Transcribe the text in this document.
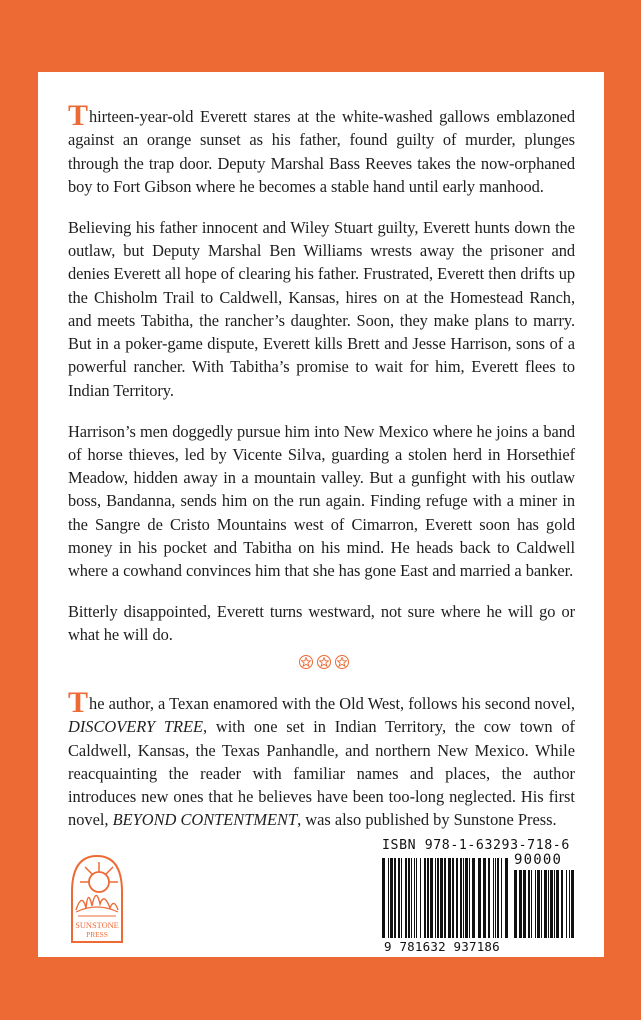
Thirteen-year-old Everett stares at the white-washed gallows emblazoned against an orange sunset as his father, found guilty of murder, plunges through the trap door. Deputy Marshal Bass Reeves takes the now-orphaned boy to Fort Gibson where he becomes a stable hand until early manhood.

Believing his father innocent and Wiley Stuart guilty, Everett hunts down the outlaw, but Deputy Marshal Ben Williams wrests away the prisoner and denies Everett all hope of clearing his father. Frustrated, Everett then drifts up the Chisholm Trail to Caldwell, Kansas, hires on at the Homestead Ranch, and meets Tabitha, the rancher’s daughter. Soon, they make plans to marry. But in a poker-game dispute, Everett kills Brett and Jesse Harrison, sons of a powerful rancher. With Tabitha’s promise to wait for him, Everett flees to Indian Territory.

Harrison’s men doggedly pursue him into New Mexico where he joins a band of horse thieves, led by Vicente Silva, guarding a stolen herd in Horsethief Meadow, hidden away in a mountain valley. But a gunfight with his outlaw boss, Bandanna, sends him on the run again. Finding refuge with a miner in the Sangre de Cristo Mountains west of Cimarron, Everett soon has gold money in his pocket and Tabitha on his mind. He heads back to Caldwell where a cowhand convinces him that she has gone East and married a banker.

Bitterly disappointed, Everett turns westward, not sure where he will go or what he will do.

The author, a Texan enamored with the Old West, follows his second novel, DISCOVERY TREE, with one set in Indian Territory, the cow town of Caldwell, Kansas, the Texas Panhandle, and northern New Mexico. While reacquainting the reader with familiar names and places, the author introduces new ones that he believes have been too-long neglected. His first novel, BEYOND CONTENTMENT, was also published by Sunstone Press.
SUNSTONE
PRESS
ISBN 978-1-63293-718-6
90000
9 781632 937186
